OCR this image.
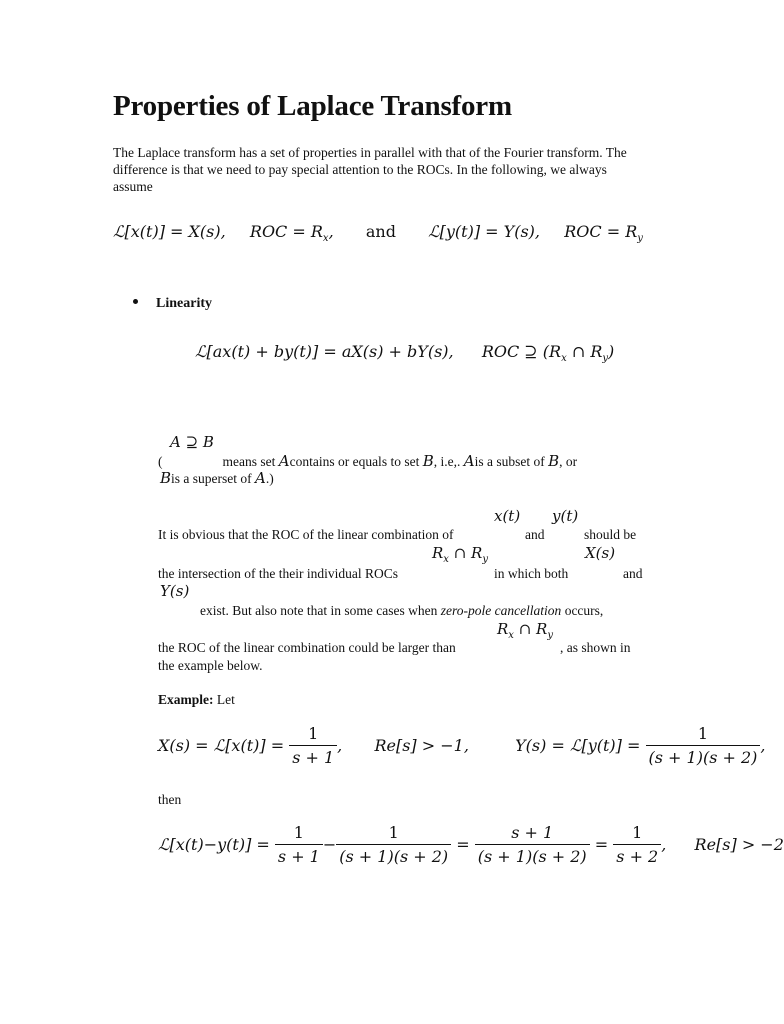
Properties of Laplace Transform
The Laplace transform has a set of properties in parallel with that of the Fourier transform. The difference is that we need to pay special attention to the ROCs. In the following, we always assume
ℒ[x(t)] = X(s), ROC = $R_x$, and ℒ[y(t)] = Y(s), ROC = $R_y$
Linearity
ℒ[ax(t) + by(t)] = aX(s) + bY(s), ROC ⊇ ($R_x$ ∩ $R_y$)
A ⊇ B
(	means set Acontains or equals to set B, i.e,. Ais a subset of B, or
Bis a superset of A.)
x(t) y(t)
It is obvious that the ROC of the linear combination of	and	should be
$R_x$ ∩ $R_y$	X(s)
the intersection of the their individual ROCs	in which both	and
Y(s)
exist. But also note that in some cases when zero-pole cancellation occurs,
$R_x$ ∩ $R_y$
the ROC of the linear combination could be larger than	, as shown in
the example below.
Example: Let
X(s) = ℒ[x(t)] = $\frac{1}{s + 1}$ , Re[s] > −1,	Y(s) = ℒ[y(t)] = $\frac{1}{(s + 1)(s + 2)}$ ,
then
ℒ[x(t)−y(t)] = $\frac{1}{s + 1} - \frac{1}{(s + 1)(s + 2)} = \frac{s + 1}{(s + 1)(s + 2)} = \frac{1}{s + 2}$ , Re[s] > −2
